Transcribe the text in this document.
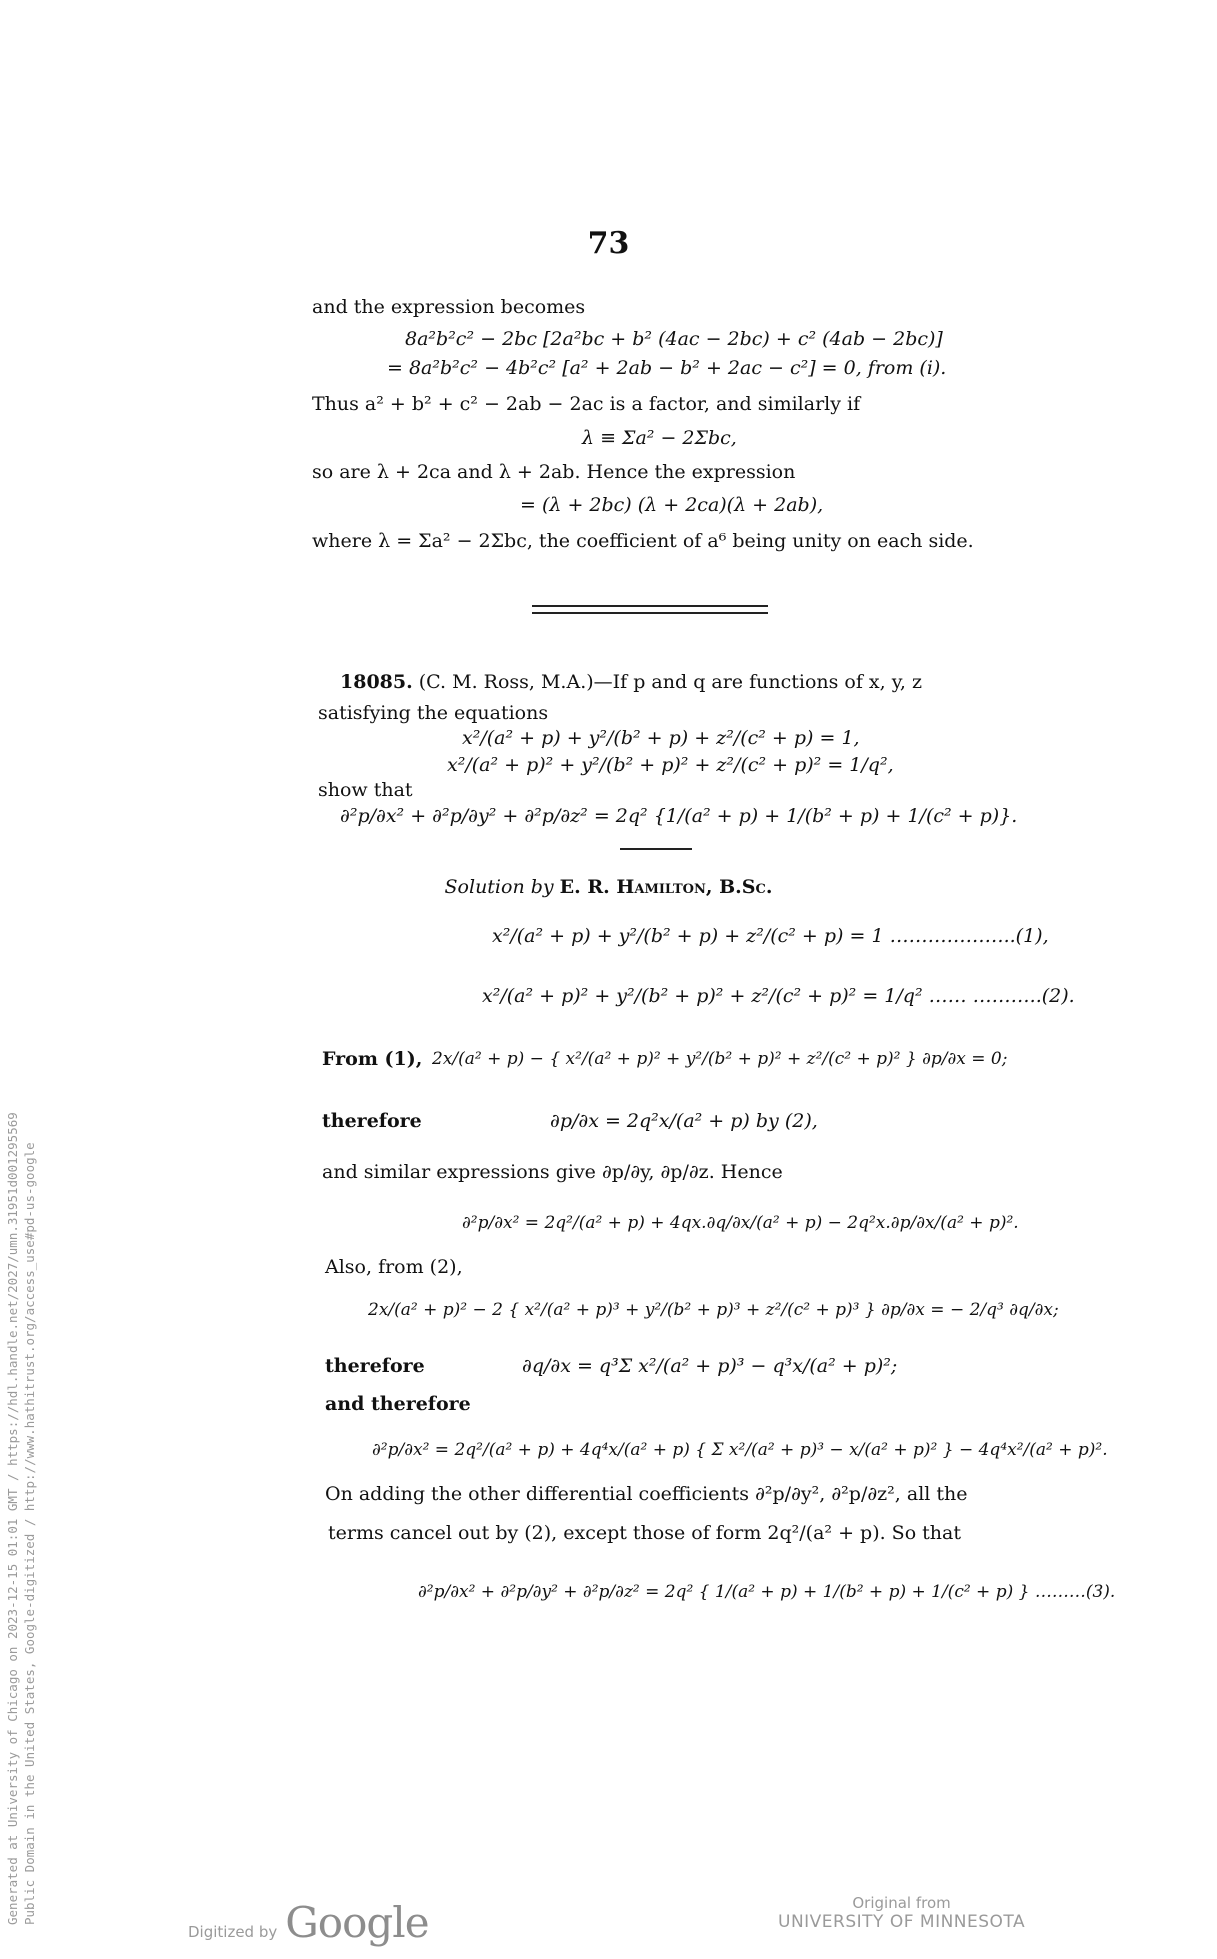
73
and the expression becomes
8a²b²c² − 2bc [2a²bc + b² (4ac − 2bc) + c² (4ab − 2bc)]
= 8a²b²c² − 4b²c² [a² + 2ab − b² + 2ac − c²] = 0, from (i).
Thus a² + b² + c² − 2ab − 2ac is a factor, and similarly if
λ ≡ Σa² − 2Σbc,
so are λ + 2ca and λ + 2ab. Hence the expression
= (λ + 2bc) (λ + 2ca)(λ + 2ab),
where λ = Σa² − 2Σbc, the coefficient of a⁶ being unity on each side.
18085. (C. M. Ross, M.A.)—If p and q are functions of x, y, z
satisfying the equations
x²/(a² + p) + y²/(b² + p) + z²/(c² + p) = 1,
x²/(a² + p)² + y²/(b² + p)² + z²/(c² + p)² = 1/q²,
show that
∂²p/∂x² + ∂²p/∂y² + ∂²p/∂z² = 2q² {1/(a² + p) + 1/(b² + p) + 1/(c² + p)}.
Solution by E. R. Hamilton, B.Sc.
x²/(a² + p) + y²/(b² + p) + z²/(c² + p) = 1 ………………..(1),
x²/(a² + p)² + y²/(b² + p)² + z²/(c² + p)² = 1/q² …… ………..(2).
From (1), 2x/(a² + p) − { x²/(a² + p)² + y²/(b² + p)² + z²/(c² + p)² } ∂p/∂x = 0;
therefore	∂p/∂x = 2q²x/(a² + p) by (2),
and similar expressions give ∂p/∂y, ∂p/∂z. Hence
∂²p/∂x² = 2q²/(a² + p) + 4qx.∂q/∂x/(a² + p) − 2q²x.∂p/∂x/(a² + p)².
Also, from (2),
2x/(a² + p)² − 2 { x²/(a² + p)³ + y²/(b² + p)³ + z²/(c² + p)³ } ∂p/∂x = − 2/q³ ∂q/∂x;
therefore	∂q/∂x = q³Σ x²/(a² + p)³ − q³x/(a² + p)²;
and therefore
∂²p/∂x² = 2q²/(a² + p) + 4q⁴x/(a² + p) { Σ x²/(a² + p)³ − x/(a² + p)² } − 4q⁴x²/(a² + p)².
On adding the other differential coefficients ∂²p/∂y², ∂²p/∂z², all the
terms cancel out by (2), except those of form 2q²/(a² + p). So that
∂²p/∂x² + ∂²p/∂y² + ∂²p/∂z² = 2q² { 1/(a² + p) + 1/(b² + p) + 1/(c² + p) } ………(3).
Generated at University of Chicago on 2023-12-15 01:01 GMT / https://hdl.handle.net/2027/umn.31951d001295569 Public Domain in the United States, Google-digitized / http://www.hathitrust.org/access_use#pd-us-google
Digitized by Google	Original from
UNIVERSITY OF MINNESOTA
